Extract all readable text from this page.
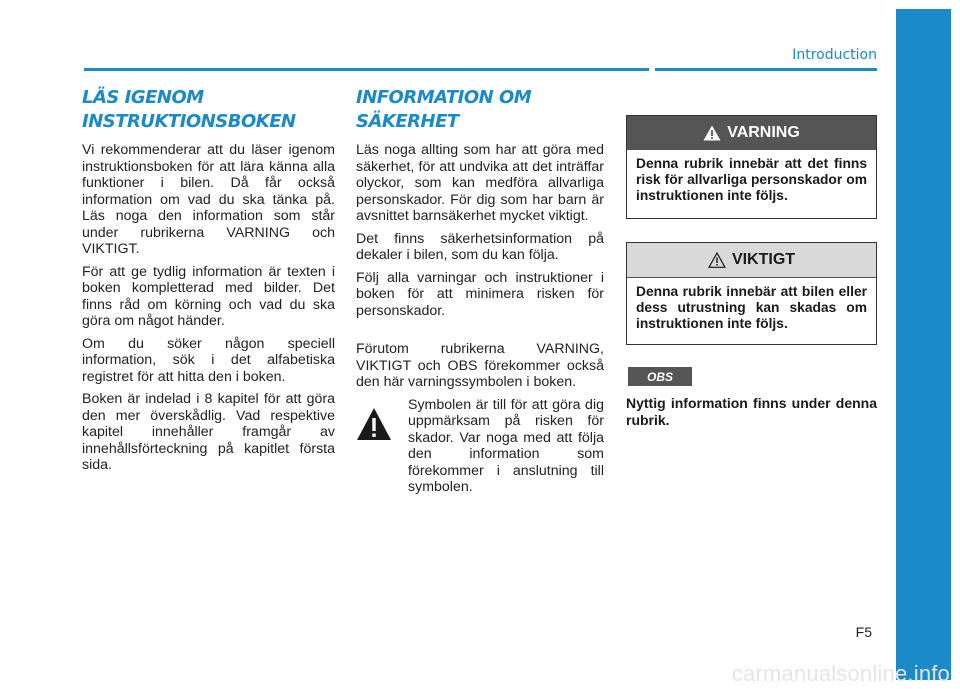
Introduction
LÄS IGENOM
INSTRUKTIONSBOKEN

Vi rekommenderar att du läser igenom instruktionsboken för att lära känna alla funktioner i bilen. Då får också information om vad du ska tänka på. Läs noga den information som står under rubrikerna VARNING och VIKTIGT.

För att ge tydlig information är texten i boken kompletterad med bilder. Det finns råd om körning och vad du ska göra om något händer.

Om du söker någon speciell information, sök i det alfabetiska registret för att hitta den i boken.

Boken är indelad i 8 kapitel för att göra den mer överskådlig. Vad respektive kapitel innehåller framgår av innehållsförteckning på kapitlet första sida.

INFORMATION OM SÄKERHET

Läs noga allting som har att göra med säkerhet, för att undvika att det inträffar olyckor, som kan medföra allvarliga personskador. För dig som har barn är avsnittet barnsäkerhet mycket viktigt.

Det finns säkerhetsinformation på dekaler i bilen, som du kan följa.

Följ alla varningar och instruktioner i boken för att minimera risken för personskador.

Förutom rubrikerna VARNING, VIKTIGT och OBS förekommer också den här varningssymbolen i boken.

Symbolen är till för att göra dig uppmärksam på risken för skador. Var noga med att följa den information som förekommer i anslutning till symbolen.

VARNING
Denna rubrik innebär att det finns risk för allvarliga personskador om instruktionen inte följs.
VIKTIGT
Denna rubrik innebär att bilen eller dess utrustning kan skadas om instruktionen inte följs.
OBS
Nyttig information finns under denna rubrik.
F5
carmanualsonline.info
